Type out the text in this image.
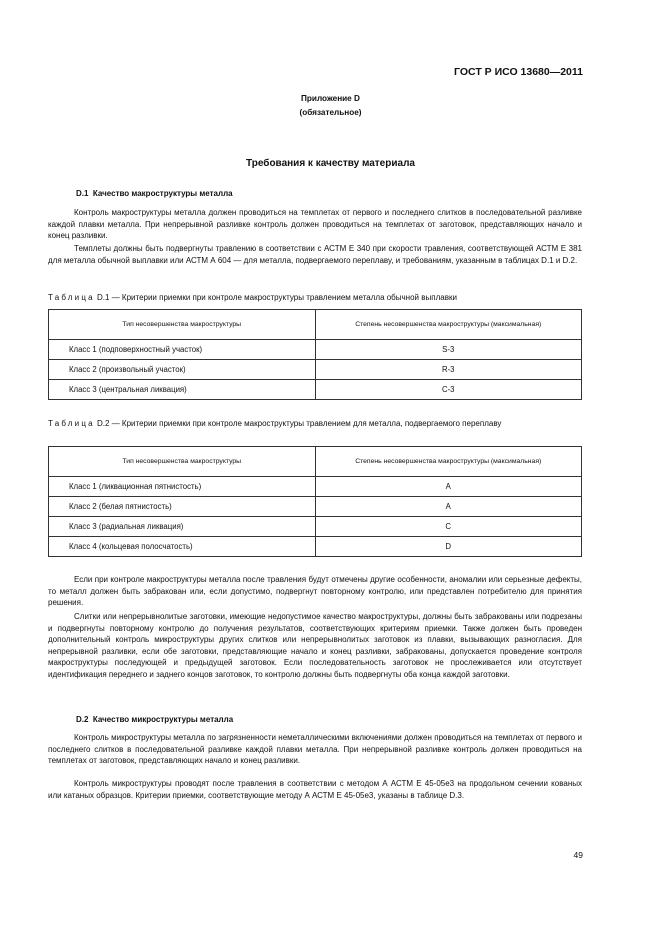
ГОСТ Р ИСО 13680—2011
Приложение D
(обязательное)
Требования к качеству материала
D.1 Качество макроструктуры металла

Контроль макроструктуры металла должен проводиться на темплетах от первого и последнего слитков в последовательной разливке каждой плавки металла. При непрерывной разливке контроль должен проводиться на темплетах от заготовок, представляющих начало и конец разливки.

Темплеты должны быть подвергнуты травлению в соответствии с АСТМ Е 340 при скорости травления, соответствующей АСТМ Е 381 для металла обычной выплавки или АСТМ А 604 — для металла, подвергаемого переплаву, и требованиям, указанным в таблицах D.1 и D.2.

Таблица D.1 — Критерии приемки при контроле макроструктуры травлением металла обычной выплавки

Тип несовершенства макроструктуры	Степень несовершенства макроструктуры (максимальная)
Класс 1 (подповерхностный участок)	S-3
Класс 2 (произвольный участок)	R-3
Класс 3 (центральная ликвация)	С-3

Таблица D.2 — Критерии приемки при контроле макроструктуры травлением для металла, подвергаемого переплаву

Тип несовершенства макроструктуры	Степень несовершенства макроструктуры (максимальная)
Класс 1 (ликвационная пятнистость)	А
Класс 2 (белая пятнистость)	А
Класс 3 (радиальная ликвация)	С
Класс 4 (кольцевая полосчатость)	D

Если при контроле макроструктуры металла после травления будут отмечены другие особенности, аномалии или серьезные дефекты, то металл должен быть забракован или, если допустимо, подвергнут повторному контролю, или представлен потребителю для принятия решения.

Слитки или непрерывнолитые заготовки, имеющие недопустимое качество макроструктуры, должны быть забракованы или подрезаны и подвергнуты повторному контролю до получения результатов, соответствующих критериям приемки. Также должен быть проведен дополнительный контроль микроструктуры других слитков или непрерывнолитых заготовок из плавки, вызывающих разногласия. Для непрерывной разливки, если обе заготовки, представляющие начало и конец разливки, забракованы, допускается проведение контроля макроструктуры последующей и предыдущей заготовок. Если последовательность заготовок не прослеживается или отсутствует идентификация переднего и заднего концов заготовок, то контролю должны быть подвергнуты оба конца каждой заготовки.

D.2 Качество микроструктуры металла

Контроль микроструктуры металла по загрязненности неметаллическими включениями должен проводиться на темплетах от первого и последнего слитков в последовательной разливке каждой плавки металла. При непрерывной разливке контроль должен проводиться на темплетах от заготовок, представляющих начало и конец разливки.

Контроль микроструктуры проводят после травления в соответствии с методом А АСТМ Е 45-05е3 на продольном сечении кованых или катаных образцов. Критерии приемки, соответствующие методу А АСТМ Е 45-05е3, указаны в таблице D.3.

49
